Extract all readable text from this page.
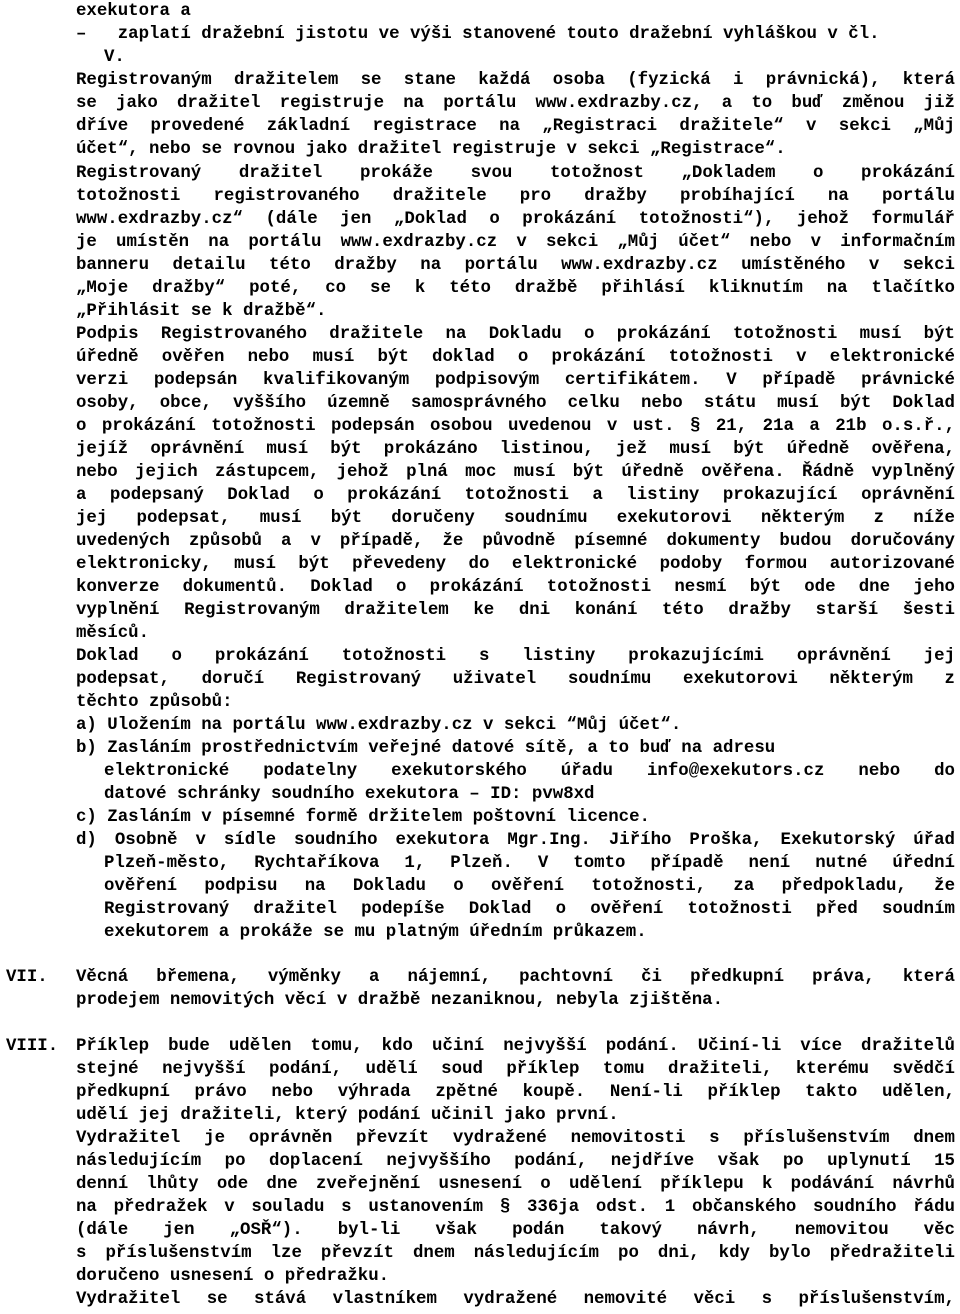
exekutora a
–   zaplatí dražební jistotu ve výši stanovené touto dražební vyhláškou v čl.
V.
Registrovaným dražitelem se stane každá osoba (fyzická i právnická), která
se jako dražitel registruje na portálu www.exdrazby.cz, a to buď změnou již
dříve provedené základní registrace na „Registraci dražitele“ v sekci „Můj
účet“, nebo se rovnou jako dražitel registruje v sekci „Registrace“.
Registrovaný dražitel prokáže svou totožnost „Dokladem o prokázání
totožnosti registrovaného dražitele pro dražby probíhající na portálu
www.exdrazby.cz“ (dále jen „Doklad o prokázání totožnosti“), jehož formulář
je umístěn na portálu www.exdrazby.cz v sekci „Můj účet“ nebo v informačním
banneru detailu této dražby na portálu www.exdrazby.cz umístěného v sekci
„Moje dražby“ poté, co se k této dražbě přihlásí kliknutím na tlačítko
„Přihlásit se k dražbě“.
Podpis Registrovaného dražitele na Dokladu o prokázání totožnosti musí být
úředně ověřen nebo musí být doklad o prokázání totožnosti v elektronické
verzi podepsán kvalifikovaným podpisovým certifikátem. V případě právnické
osoby, obce, vyššího územně samosprávného celku nebo státu musí být Doklad
o prokázání totožnosti podepsán osobou uvedenou v ust. § 21, 21a a 21b o.s.ř.,
jejíž oprávnění musí být prokázáno listinou, jež musí být úředně ověřena,
nebo jejich zástupcem, jehož plná moc musí být úředně ověřena. Řádně vyplněný
a podepsaný Doklad o prokázání totožnosti a listiny prokazující oprávnění
jej podepsat, musí být doručeny soudnímu exekutorovi některým z níže
uvedených způsobů a v případě, že původně písemné dokumenty budou doručovány
elektronicky, musí být převedeny do elektronické podoby formou autorizované
konverze dokumentů. Doklad o prokázání totožnosti nesmí být ode dne jeho
vyplnění Registrovaným dražitelem ke dni konání této dražby starší šesti
měsíců.
Doklad o prokázání totožnosti s listiny prokazujícími oprávnění jej
podepsat, doručí Registrovaný uživatel soudnímu exekutorovi některým z
těchto způsobů:
a) Uložením na portálu www.exdrazby.cz v sekci “Můj účet“.
b) Zasláním prostřednictvím veřejné datové sítě, a to buď na adresu
elektronické podatelny exekutorského úřadu info@exekutors.cz nebo do
datové schránky soudního exekutora – ID: pvw8xd
c) Zasláním v písemné formě držitelem poštovní licence.
d) Osobně v sídle soudního exekutora Mgr.Ing. Jiřího Proška, Exekutorský úřad
Plzeň-město, Rychtaříkova 1, Plzeň. V tomto případě není nutné úřední
ověření podpisu na Dokladu o ověření totožnosti, za předpokladu, že
Registrovaný dražitel podepíše Doklad o ověření totožnosti před soudním
exekutorem a prokáže se mu platným úředním průkazem.
Věcná břemena, výměnky a nájemní, pachtovní či předkupní práva, která
prodejem nemovitých věcí v dražbě nezaniknou, nebyla zjištěna.
Příklep bude udělen tomu, kdo učiní nejvyšší podání. Učiní-li více dražitelů
stejné nejvyšší podání, udělí soud příklep tomu dražiteli, kterému svědčí
předkupní právo nebo výhrada zpětné koupě. Není-li příklep takto udělen,
udělí jej dražiteli, který podání učinil jako první.
Vydražitel je oprávněn převzít vydražené nemovitosti s příslušenstvím dnem
následujícím po doplacení nejvyššího podání, nejdříve však po uplynutí 15
denní lhůty ode dne zveřejnění usnesení o udělení příklepu k podávání návrhů
na předražek v souladu s ustanovením § 336ja odst. 1 občanského soudního řádu
(dále jen „OSŘ“). byl-li však podán takový návrh, nemovitou věc
s příslušenstvím lze převzít dnem následujícím po dni, kdy bylo předražiteli
doručeno usnesení o předražku.
Vydražitel se stává vlastníkem vydražené nemovité věci s příslušenstvím,
VII.
VIII.
